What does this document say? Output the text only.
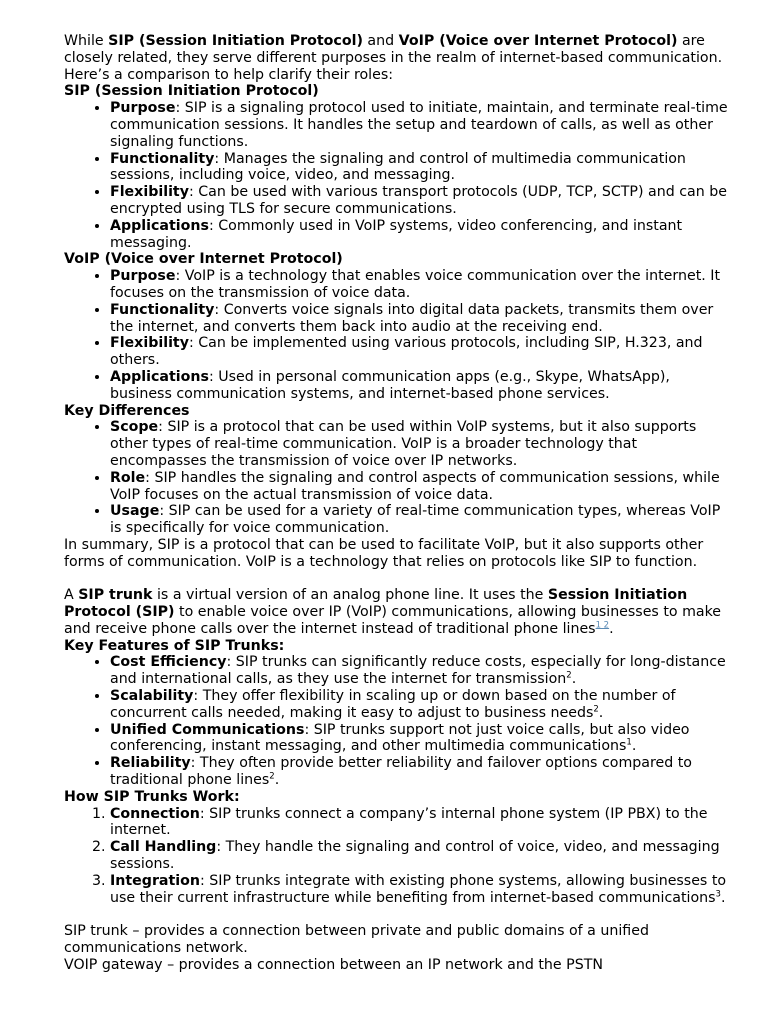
While SIP (Session Initiation Protocol) and VoIP (Voice over Internet Protocol) are closely related, they serve different purposes in the realm of internet-based communication. Here’s a comparison to help clarify their roles:

SIP (Session Initiation Protocol)

• Purpose: SIP is a signaling protocol used to initiate, maintain, and terminate real-time communication sessions. It handles the setup and teardown of calls, as well as other signaling functions.
• Functionality: Manages the signaling and control of multimedia communication sessions, including voice, video, and messaging.
• Flexibility: Can be used with various transport protocols (UDP, TCP, SCTP) and can be encrypted using TLS for secure communications.
• Applications: Commonly used in VoIP systems, video conferencing, and instant messaging.

VoIP (Voice over Internet Protocol)

• Purpose: VoIP is a technology that enables voice communication over the internet. It focuses on the transmission of voice data.
• Functionality: Converts voice signals into digital data packets, transmits them over the internet, and converts them back into audio at the receiving end.
• Flexibility: Can be implemented using various protocols, including SIP, H.323, and others.
• Applications: Used in personal communication apps (e.g., Skype, WhatsApp), business communication systems, and internet-based phone services.

Key Differences

• Scope: SIP is a protocol that can be used within VoIP systems, but it also supports other types of real-time communication. VoIP is a broader technology that encompasses the transmission of voice over IP networks.
• Role: SIP handles the signaling and control aspects of communication sessions, while VoIP focuses on the actual transmission of voice data.
• Usage: SIP can be used for a variety of real-time communication types, whereas VoIP is specifically for voice communication.

In summary, SIP is a protocol that can be used to facilitate VoIP, but it also supports other forms of communication. VoIP is a technology that relies on protocols like SIP to function.

A SIP trunk is a virtual version of an analog phone line. It uses the Session Initiation Protocol (SIP) to enable voice over IP (VoIP) communications, allowing businesses to make and receive phone calls over the internet instead of traditional phone lines$^{1 2}$.

Key Features of SIP Trunks:

• Cost Efficiency: SIP trunks can significantly reduce costs, especially for long-distance and international calls, as they use the internet for transmission$^2$.
• Scalability: They offer flexibility in scaling up or down based on the number of concurrent calls needed, making it easy to adjust to business needs$^2$.
• Unified Communications: SIP trunks support not just voice calls, but also video conferencing, instant messaging, and other multimedia communications$^1$.
• Reliability: They often provide better reliability and failover options compared to traditional phone lines$^2$.

How SIP Trunks Work:

1. Connection: SIP trunks connect a company’s internal phone system (IP PBX) to the internet.
2. Call Handling: They handle the signaling and control of voice, video, and messaging sessions.
3. Integration: SIP trunks integrate with existing phone systems, allowing businesses to use their current infrastructure while benefiting from internet-based communications$^3$.

SIP trunk – provides a connection between private and public domains of a unified communications network.

VOIP gateway – provides a connection between an IP network and the PSTN
